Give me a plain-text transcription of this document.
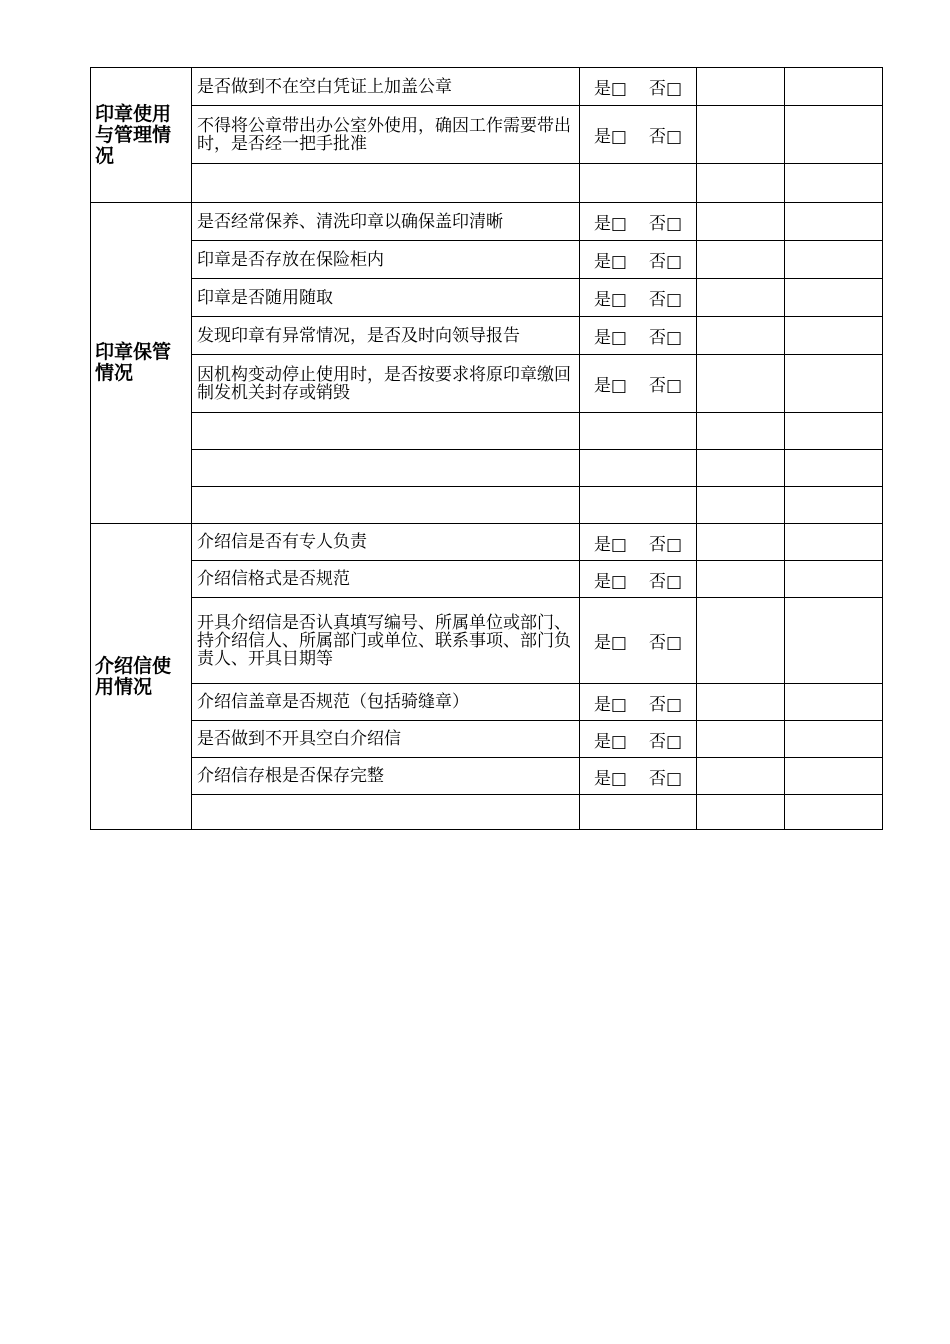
印章使用与管理情况	是否做到不在空白凭证上加盖公章	是□ 否□		
	不得将公章带出办公室外使用，确因工作需要带出时，是否经一把手批准	是□ 否□		

印章保管情况	是否经常保养、清洗印章以确保盖印清晰	是□ 否□		
	印章是否存放在保险柜内	是□ 否□		
	印章是否随用随取	是□ 否□		
	发现印章有异常情况，是否及时向领导报告	是□ 否□		
	因机构变动停止使用时，是否按要求将原印章缴回制发机关封存或销毁	是□ 否□		

介绍信使用情况	介绍信是否有专人负责	是□ 否□		
	介绍信格式是否规范	是□ 否□		
	开具介绍信是否认真填写编号、所属单位或部门、持介绍信人、所属部门或单位、联系事项、部门负责人、开具日期等	是□ 否□		
	介绍信盖章是否规范（包括骑缝章）	是□ 否□		
	是否做到不开具空白介绍信	是□ 否□		
	介绍信存根是否保存完整	是□ 否□		
